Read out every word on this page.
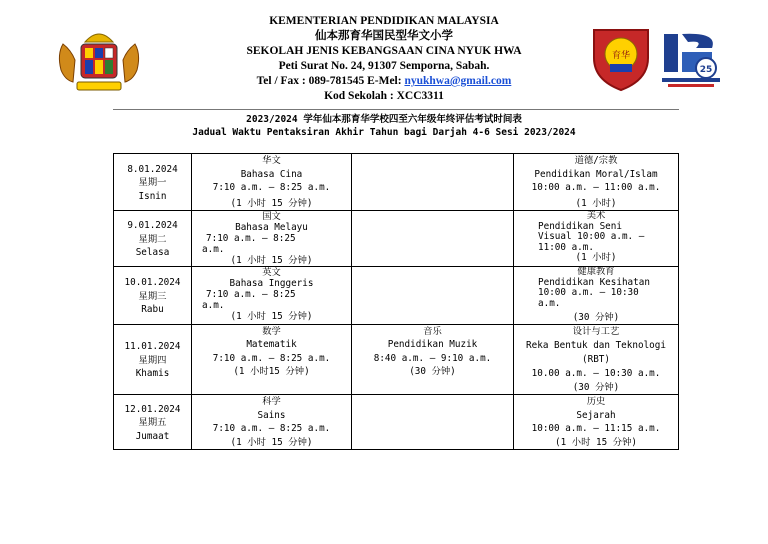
育华
25
KEMENTERIAN PENDIDIKAN MALAYSIA
仙本那育华国民型华文小学
SEKOLAH JENIS KEBANGSAAN CINA NYUK HWA
Peti Surat No. 24, 91307 Semporna, Sabah.
Tel / Fax : 089-781545 E-Mel: nyukhwa@gmail.com
Kod Sekolah : XCC3311
2023/2024 学年仙本那育华学校四至六年级年终评估考试时间表
Jadual Waktu Pentaksiran Akhir Tahun bagi Darjah 4-6 Sesi 2023/2024
8.01.2024
星期一
Isnin	华文
Bahasa Cina
7:10 a.m. – 8:25 a.m.
(1 小时 15 分钟)		道德/宗教
Pendidikan Moral/Islam
10:00 a.m. – 11:00 a.m.
(1 小时)

9.01.2024
星期二
Selasa	国文
Bahasa Melayu
7:10 a.m. – 8:25
a.m.
(1 小时 15 分钟)		美术
Pendidikan Seni
Visual 10:00 a.m. –
11:00 a.m.
(1 小时)

10.01.2024
星期三
Rabu	英文
Bahasa Inggeris
7:10 a.m. – 8:25
a.m.
(1 小时 15 分钟)		健康教育
Pendidikan Kesihatan
10:00 a.m. – 10:30
a.m.
(30 分钟)

11.01.2024
星期四
Khamis	数学
Matematik
7:10 a.m. – 8:25 a.m.
(1 小时15 分钟)	音乐
Pendidikan Muzik
8:40 a.m. – 9:10 a.m.
(30 分钟)	设计与工艺
Reka Bentuk dan Teknologi
(RBT)
10.00 a.m. – 10:30 a.m.
(30 分钟)

12.01.2024
星期五
Jumaat	科学
Sains
7:10 a.m. – 8:25 a.m.
(1 小时 15 分钟)		历史
Sejarah
10:00 a.m. – 11:15 a.m.
(1 小时 15 分钟)
